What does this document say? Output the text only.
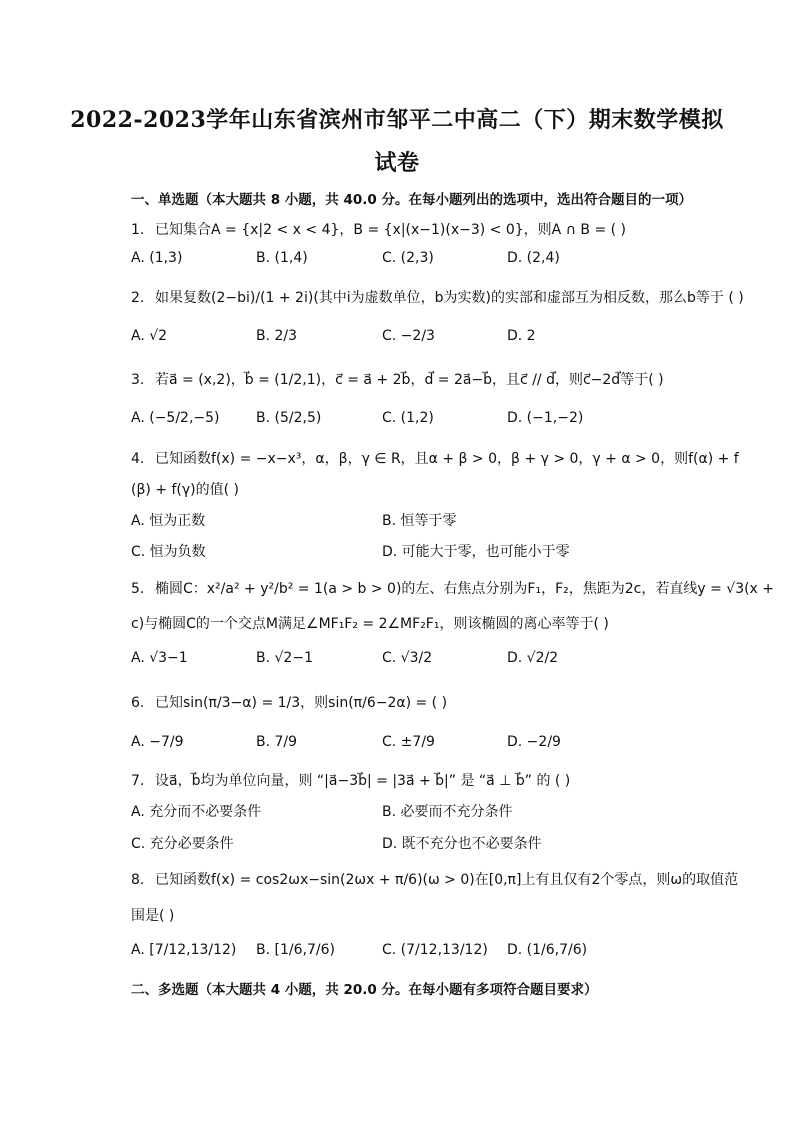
2022-2023学年山东省滨州市邹平二中高二（下）期末数学模拟
试卷
一、单选题（本大题共 8 小题，共 40.0 分。在每小题列出的选项中，选出符合题目的一项）
1. 已知集合A = {x|2 < x < 4}，B = {x|(x−1)(x−3) < 0}，则A ∩ B = ( )
A. (1,3)	B. (1,4)	C. (2,3)	D. (2,4)
2. 如果复数(2−bi)/(1 + 2i)(其中i为虚数单位，b为实数)的实部和虚部互为相反数，那么b等于 ( )
A. √2	B. 2/3	C. −2/3	D. 2
3. 若a⃗ = (x,2)，b⃗ = (1/2,1)，c⃗ = a⃗ + 2b⃗，d⃗ = 2a⃗−b⃗，且c⃗ // d⃗，则c⃗−2d⃗等于( )
A. (−5/2,−5)	B. (5/2,5)	C. (1,2)	D. (−1,−2)
4. 已知函数f(x) = −x−x³，α，β，γ ∈ R，且α + β > 0，β + γ > 0，γ + α > 0，则f(α) + f
(β) + f(γ)的值( )
A. 恒为正数	B. 恒等于零
C. 恒为负数	D. 可能大于零，也可能小于零
5. 椭圆C：x²/a² + y²/b² = 1(a > b > 0)的左、右焦点分别为F₁，F₂，焦距为2c，若直线y = √3(x +
c)与椭圆C的一个交点M满足∠MF₁F₂ = 2∠MF₂F₁，则该椭圆的离心率等于( )
A. √3−1	B. √2−1	C. √3/2	D. √2/2
6. 已知sin(π/3−α) = 1/3，则sin(π/6−2α) = ( )
A. −7/9	B. 7/9	C. ±7/9	D. −2/9
7. 设a⃗，b⃗均为单位向量，则 “|a⃗−3b⃗| = |3a⃗ + b⃗|” 是 “a⃗ ⊥ b⃗” 的 ( )
A. 充分而不必要条件	B. 必要而不充分条件
C. 充分必要条件	D. 既不充分也不必要条件
8. 已知函数f(x) = cos2ωx−sin(2ωx + π/6)(ω > 0)在[0,π]上有且仅有2个零点，则ω的取值范
围是( )
A. [7/12,13/12) B. [1/6,7/6)	C. (7/12,13/12) D. (1/6,7/6)
二、多选题（本大题共 4 小题，共 20.0 分。在每小题有多项符合题目要求）
